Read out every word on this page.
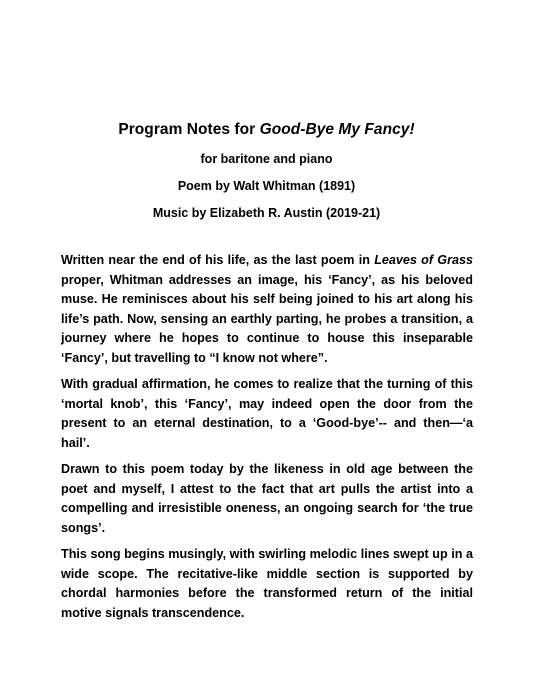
Program Notes for Good-Bye My Fancy!
for baritone and piano
Poem by Walt Whitman (1891)
Music by Elizabeth R. Austin (2019-21)

Written near the end of his life, as the last poem in Leaves of Grass proper, Whitman addresses an image, his ‘Fancy’, as his beloved muse. He reminisces about his self being joined to his art along his life’s path. Now, sensing an earthly parting, he probes a transition, a journey where he hopes to continue to house this inseparable ‘Fancy’, but travelling to “I know not where”.

With gradual affirmation, he comes to realize that the turning of this ‘mortal knob’, this ‘Fancy’, may indeed open the door from the present to an eternal destination, to a ‘Good-bye’-- and then—‘a hail’.

Drawn to this poem today by the likeness in old age between the poet and myself, I attest to the fact that art pulls the artist into a compelling and irresistible oneness, an ongoing search for ‘the true songs’.

This song begins musingly, with swirling melodic lines swept up in a wide scope. The recitative-like middle section is supported by chordal harmonies before the transformed return of the initial motive signals transcendence.
